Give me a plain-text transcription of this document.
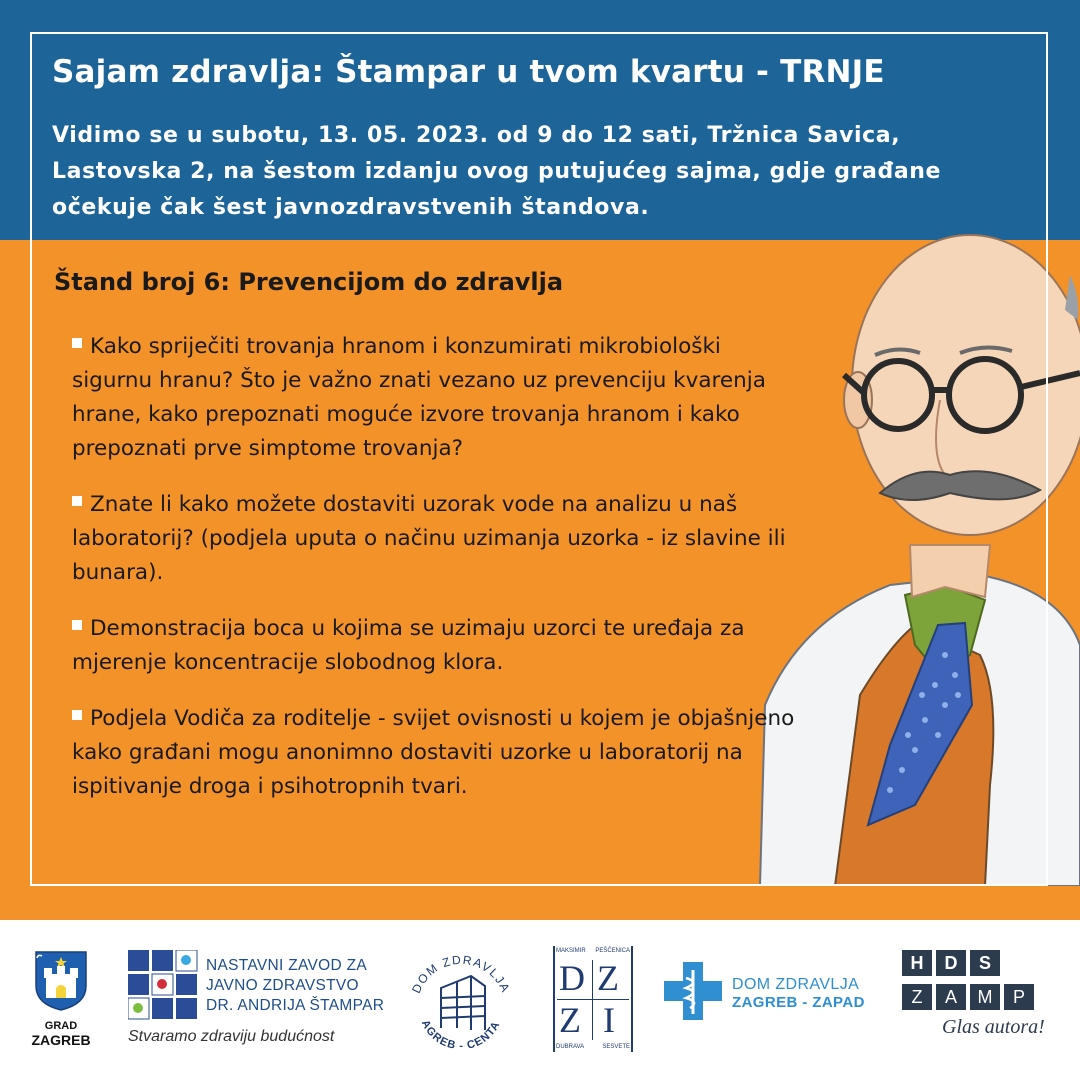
Sajam zdravlja: Štampar u tvom kvartu - TRNJE

Vidimo se u subotu, 13. 05. 2023. od 9 do 12 sati, Tržnica Savica, Lastovska 2, na šestom izdanju ovog putujućeg sajma, gdje građane očekuje čak šest javnozdravstvenih štandova.

Štand broj 6: Prevencijom do zdravlja
Kako spriječiti trovanja hranom i konzumirati mikrobiološki sigurnu hranu? Što je važno znati vezano uz prevenciju kvarenja hrane, kako prepoznati moguće izvore trovanja hranom i kako prepoznati prve simptome trovanja?
Znate li kako možete dostaviti uzorak vode na analizu u naš laboratorij? (podjela uputa o načinu uzimanja uzorka - iz slavine ili bunara).
Demonstracija boca u kojima se uzimaju uzorci te uređaja za mjerenje koncentracije slobodnog klora.
Podjela Vodiča za roditelje - svijet ovisnosti u kojem je objašnjeno kako građani mogu anonimno dostaviti uzorke u laboratorij na ispitivanje droga i psihotropnih tvari.
GRAD
ZAGREB
NASTAVNI ZAVOD ZA
JAVNO ZDRAVSTVO
DR. ANDRIJA ŠTAMPAR
Stvaramo zdraviju budućnost
DOM ZDRAVLJA
AGREB - CENTA
MAKSIMIR PEŠČENICA
D Z
Z I
DUBRAVA	SESVETE
DOM ZDRAVLJA
ZAGREB - ZAPAD
H	D	S
Z	A	M	P
Glas autora!
